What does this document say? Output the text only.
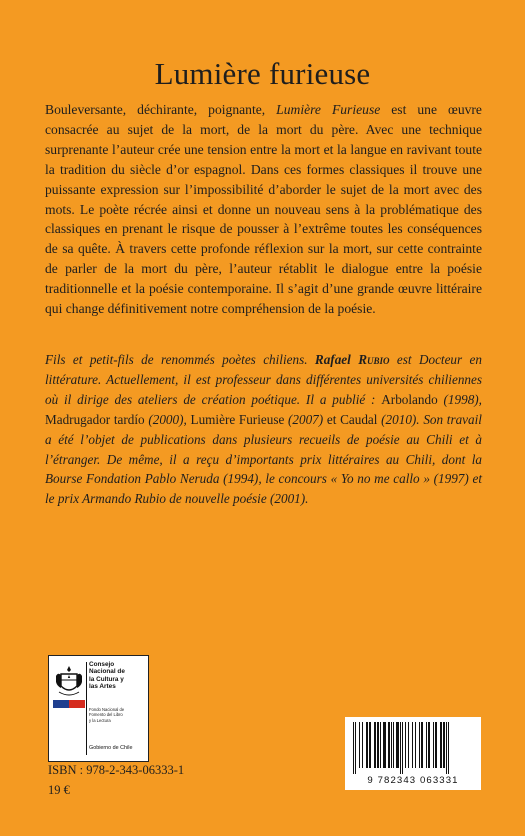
Lumière furieuse
Bouleversante, déchirante, poignante, Lumière Furieuse est une œuvre consacrée au sujet de la mort, de la mort du père. Avec une technique surprenante l’auteur crée une tension entre la mort et la langue en ravivant toute la tradition du siècle d’or espagnol. Dans ces formes classiques il trouve une puissante expression sur l’impossibilité d’aborder le sujet de la mort avec des mots. Le poète récrée ainsi et donne un nouveau sens à la problématique des classiques en prenant le risque de pousser à l’extrême toutes les conséquences de sa quête. À travers cette profonde réflexion sur la mort, sur cette contrainte de parler de la mort du père, l’auteur rétablit le dialogue entre la poésie traditionnelle et la poésie contemporaine. Il s’agit d’une grande œuvre littéraire qui change définitivement notre compréhension de la poésie.
Fils et petit-fils de renommés poètes chiliens. Rafael Rubio est Docteur en littérature. Actuellement, il est professeur dans différentes universités chiliennes où il dirige des ateliers de création poétique. Il a publié : Arbolando (1998), Madrugador tardío (2000), Lumière Furieuse (2007) et Caudal (2010). Son travail a été l’objet de publications dans plusieurs recueils de poésie au Chili et à l’étranger. De même, il a reçu d’importants prix littéraires au Chili, dont la Bourse Fondation Pablo Neruda (1994), le concours « Yo no me callo » (1997) et le prix Armando Rubio de nouvelle poésie (2001).
Consejo
Nacional de
la Cultura y
las Artes
Fondo Nacional de
Fomento del Libro
y la Lectura
Gobierno de Chile
ISBN : 978-2-343-06333-1
19 €
9 782343 063331
